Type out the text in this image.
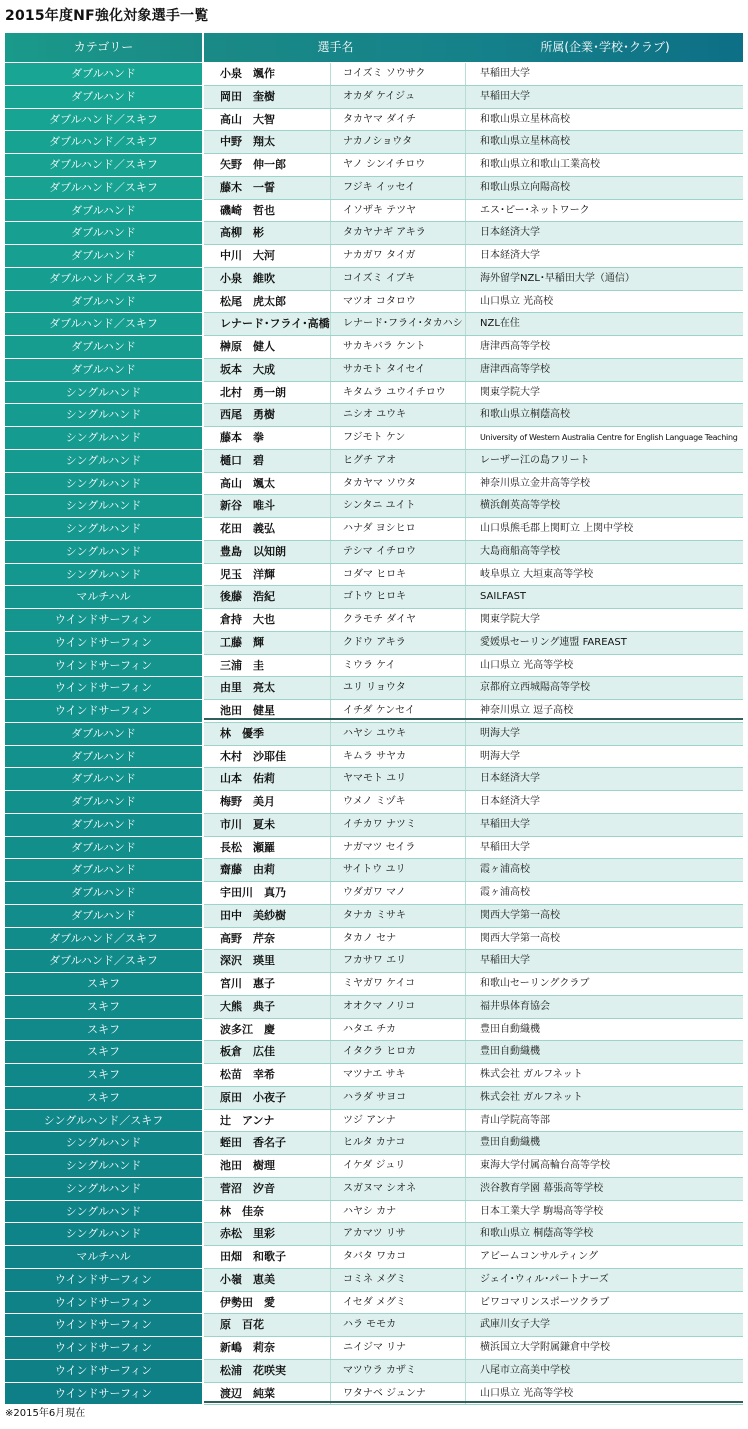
2015年度NF強化対象選手一覧
カテゴリー	選手名	所属(企業･学校･クラブ)
ダブルハンド	小泉　颯作	コイズミ ソウサク	早稲田大学
ダブルハンド	岡田　奎樹	オカダ ケイジュ	早稲田大学
ダブルハンド／スキフ	高山　大智	タカヤマ ダイチ	和歌山県立星林高校
ダブルハンド／スキフ	中野　翔太	ナカノショウタ	和歌山県立星林高校
ダブルハンド／スキフ	矢野　伸一郎	ヤノ シンイチロウ	和歌山県立和歌山工業高校
ダブルハンド／スキフ	藤木　一誓	フジキ イッセイ	和歌山県立向陽高校
ダブルハンド	磯崎　哲也	イソザキ テツヤ	エス･ピー･ネットワーク
ダブルハンド	高柳　彬	タカヤナギ アキラ	日本経済大学
ダブルハンド	中川　大河	ナカガワ タイガ	日本経済大学
ダブルハンド／スキフ	小泉　維吹	コイズミ イブキ	海外留学NZL･早稲田大学（通信）
ダブルハンド	松尾　虎太郎	マツオ コタロウ	山口県立 光高校
ダブルハンド／スキフ	レナード･フライ･高橋	レナード･フライ･タカハシ	NZL在住
ダブルハンド	榊原　健人	サカキバラ ケント	唐津西高等学校
ダブルハンド	坂本　大成	サカモト タイセイ	唐津西高等学校
シングルハンド	北村　勇一朗	キタムラ ユウイチロウ	関東学院大学
シングルハンド	西尾　勇樹	ニシオ ユウキ	和歌山県立桐蔭高校
シングルハンド	藤本　拳	フジモト ケン	University of Western Australia Centre for English Language Teaching
シングルハンド	樋口　碧	ヒグチ アオ	レーザー江の島フリート
シングルハンド	高山　颯太	タカヤマ ソウタ	神奈川県立金井高等学校
シングルハンド	新谷　唯斗	シンタニ ユイト	横浜創英高等学校
シングルハンド	花田　義弘	ハナダ ヨシヒロ	山口県熊毛郡上関町立 上関中学校
シングルハンド	豊島　以知朗	テシマ イチロウ	大島商船高等学校
シングルハンド	児玉　洋輝	コダマ ヒロキ	岐阜県立 大垣東高等学校
マルチハル	後藤　浩紀	ゴトウ ヒロキ	SAILFAST
ウインドサーフィン	倉持　大也	クラモチ ダイヤ	関東学院大学
ウインドサーフィン	工藤　輝	クドウ アキラ	愛媛県セーリング連盟 FAREAST
ウインドサーフィン	三浦　圭	ミウラ ケイ	山口県立 光高等学校
ウインドサーフィン	由里　亮太	ユリ リョウタ	京都府立西城陽高等学校
ウインドサーフィン	池田　健星	イチダ ケンセイ	神奈川県立 逗子高校
ダブルハンド	林　優季	ハヤシ ユウキ	明海大学
ダブルハンド	木村　沙耶佳	キムラ サヤカ	明海大学
ダブルハンド	山本　佑莉	ヤマモト ユリ	日本経済大学
ダブルハンド	梅野　美月	ウメノ ミヅキ	日本経済大学
ダブルハンド	市川　夏未	イチカワ ナツミ	早稲田大学
ダブルハンド	長松　瀬羅	ナガマツ セイラ	早稲田大学
ダブルハンド	齋藤　由莉	サイトウ ユリ	霞ヶ浦高校
ダブルハンド	宇田川　真乃	ウダガワ マノ	霞ヶ浦高校
ダブルハンド	田中　美紗樹	タナカ ミサキ	関西大学第一高校
ダブルハンド／スキフ	高野　芹奈	タカノ セナ	関西大学第一高校
ダブルハンド／スキフ	深沢　瑛里	フカサワ エリ	早稲田大学
スキフ	宮川　惠子	ミヤガワ ケイコ	和歌山セーリングクラブ
スキフ	大熊　典子	オオクマ ノリコ	福井県体育協会
スキフ	波多江　慶	ハタエ チカ	豊田自動織機
スキフ	板倉　広佳	イタクラ ヒロカ	豊田自動織機
スキフ	松苗　幸希	マツナエ サキ	株式会社 ガルフネット
スキフ	原田　小夜子	ハラダ サヨコ	株式会社 ガルフネット
シングルハンド／スキフ	辻　アンナ	ツジ アンナ	青山学院高等部
シングルハンド	蛭田　香名子	ヒルタ カナコ	豊田自動織機
シングルハンド	池田　樹理	イケダ ジュリ	東海大学付属高輪台高等学校
シングルハンド	菅沼　汐音	スガヌマ シオネ	渋谷教育学園 幕張高等学校
シングルハンド	林　佳奈	ハヤシ カナ	日本工業大学 駒場高等学校
シングルハンド	赤松　里彩	アカマツ リサ	和歌山県立 桐蔭高等学校
マルチハル	田畑　和歌子	タバタ ワカコ	アビームコンサルティング
ウインドサーフィン	小嶺　恵美	コミネ メグミ	ジェイ･ウィル･パートナーズ
ウインドサーフィン	伊勢田　愛	イセダ メグミ	ビワコマリンスポーツクラブ
ウインドサーフィン	原　百花	ハラ モモカ	武庫川女子大学
ウインドサーフィン	新嶋　莉奈	ニイジマ リナ	横浜国立大学附属鎌倉中学校
ウインドサーフィン	松浦　花咲実	マツウラ カザミ	八尾市立高美中学校
ウインドサーフィン	渡辺　純菜	ワタナベ ジュンナ	山口県立 光高等学校
※2015年6月現在
